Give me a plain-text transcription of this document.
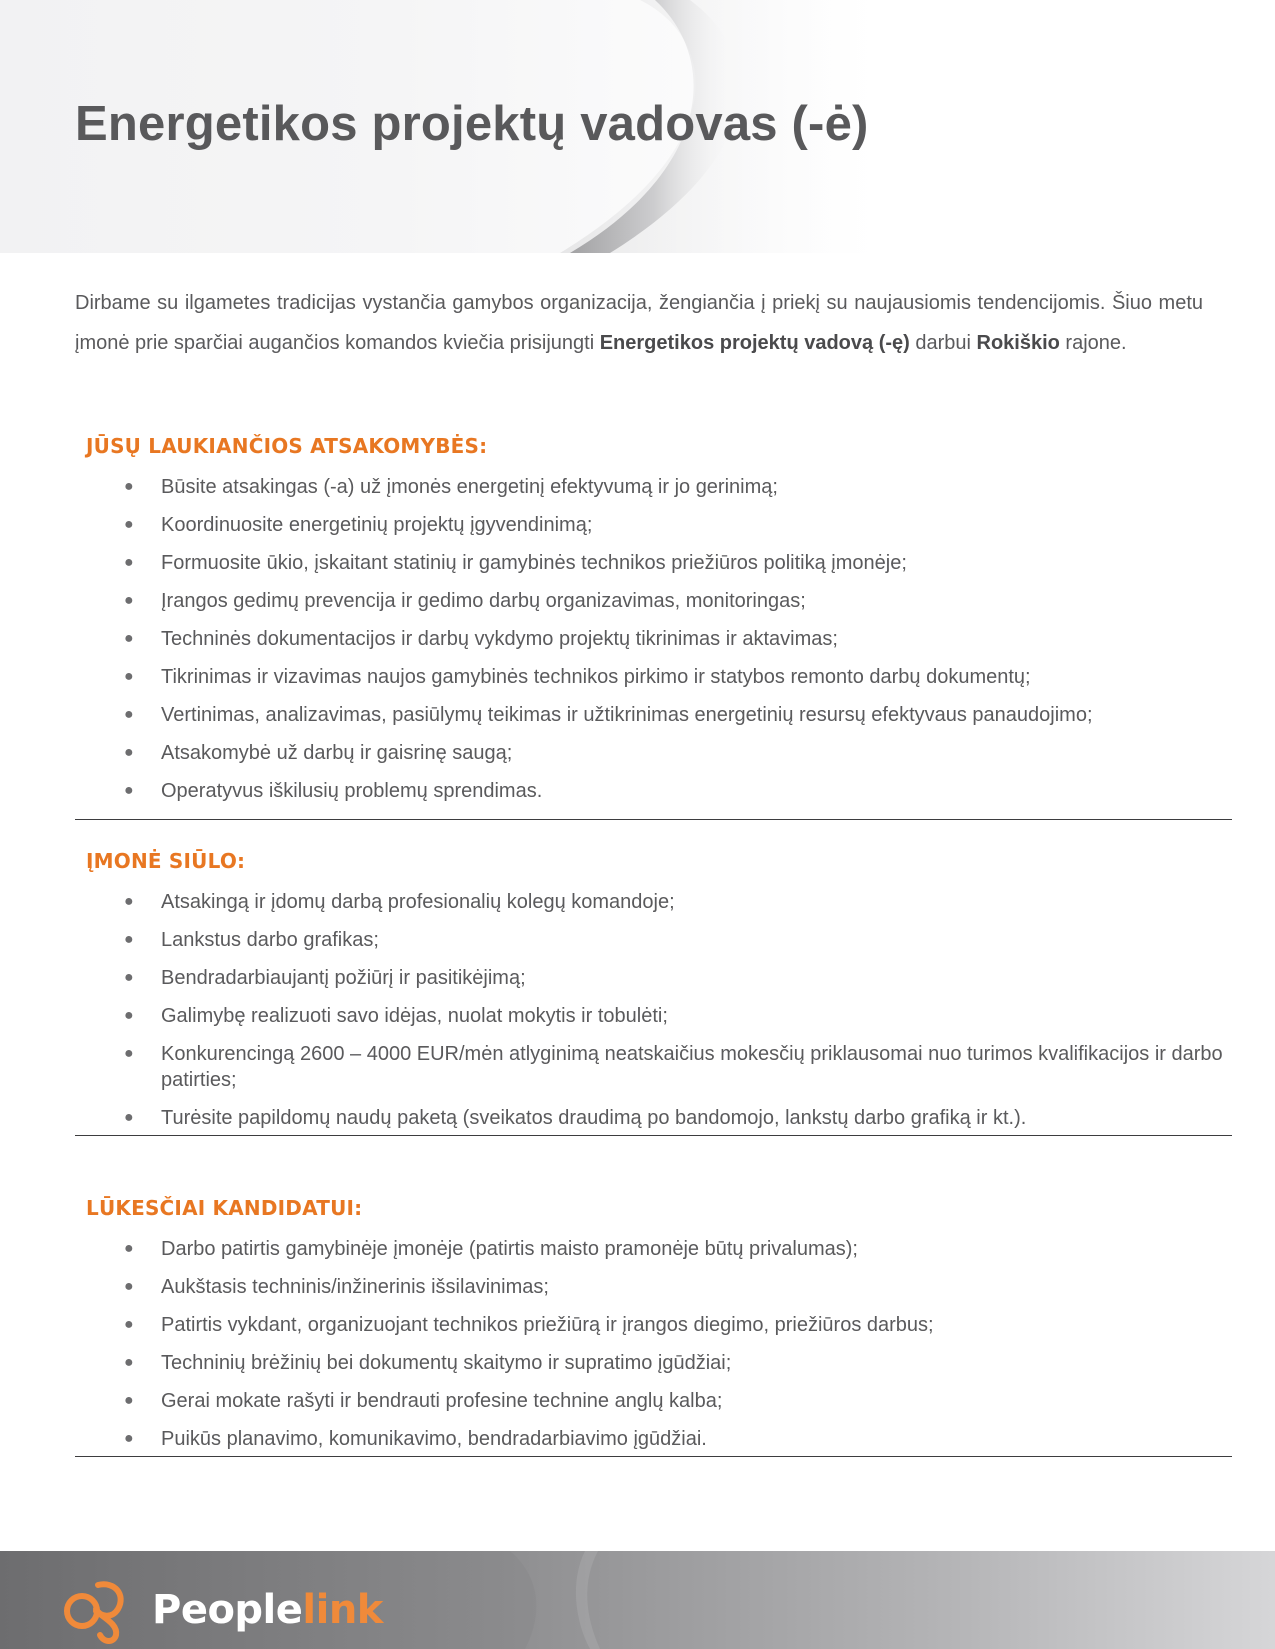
Energetikos projektų vadovas (-ė)

Dirbame su ilgametes tradicijas vystančia gamybos organizacija, žengiančia į priekį su naujausiomis tendencijomis. Šiuo metu įmonė prie sparčiai augančios komandos kviečia prisijungti Energetikos projektų vadovą (-ę) darbui Rokiškio rajone.

JŪSŲ LAUKIANČIOS ATSAKOMYBĖS:
● Būsite atsakingas (-a) už įmonės energetinį efektyvumą ir jo gerinimą;
● Koordinuosite energetinių projektų įgyvendinimą;
● Formuosite ūkio, įskaitant statinių ir gamybinės technikos priežiūros politiką įmonėje;
● Įrangos gedimų prevencija ir gedimo darbų organizavimas, monitoringas;
● Techninės dokumentacijos ir darbų vykdymo projektų tikrinimas ir aktavimas;
● Tikrinimas ir vizavimas naujos gamybinės technikos pirkimo ir statybos remonto darbų dokumentų;
● Vertinimas, analizavimas, pasiūlymų teikimas ir užtikrinimas energetinių resursų efektyvaus panaudojimo;
● Atsakomybė už darbų ir gaisrinę saugą;
● Operatyvus iškilusių problemų sprendimas.
ĮMONĖ SIŪLO:
● Atsakingą ir įdomų darbą profesionalių kolegų komandoje;
● Lankstus darbo grafikas;
● Bendradarbiaujantį požiūrį ir pasitikėjimą;
● Galimybę realizuoti savo idėjas, nuolat mokytis ir tobulėti;
● Konkurencingą 2600 – 4000 EUR/mėn atlyginimą neatskaičius mokesčių priklausomai nuo turimos kvalifikacijos ir darbo patirties;
● Turėsite papildomų naudų paketą (sveikatos draudimą po bandomojo, lankstų darbo grafiką ir kt.).
LŪKESČIAI KANDIDATUI:
● Darbo patirtis gamybinėje įmonėje (patirtis maisto pramonėje būtų privalumas);
● Aukštasis techninis/inžinerinis išsilavinimas;
● Patirtis vykdant, organizuojant technikos priežiūrą ir įrangos diegimo, priežiūros darbus;
● Techninių brėžinių bei dokumentų skaitymo ir supratimo įgūdžiai;
● Gerai mokate rašyti ir bendrauti profesine technine anglų kalba;
● Puikūs planavimo, komunikavimo, bendradarbiavimo įgūdžiai.
Peoplelink
